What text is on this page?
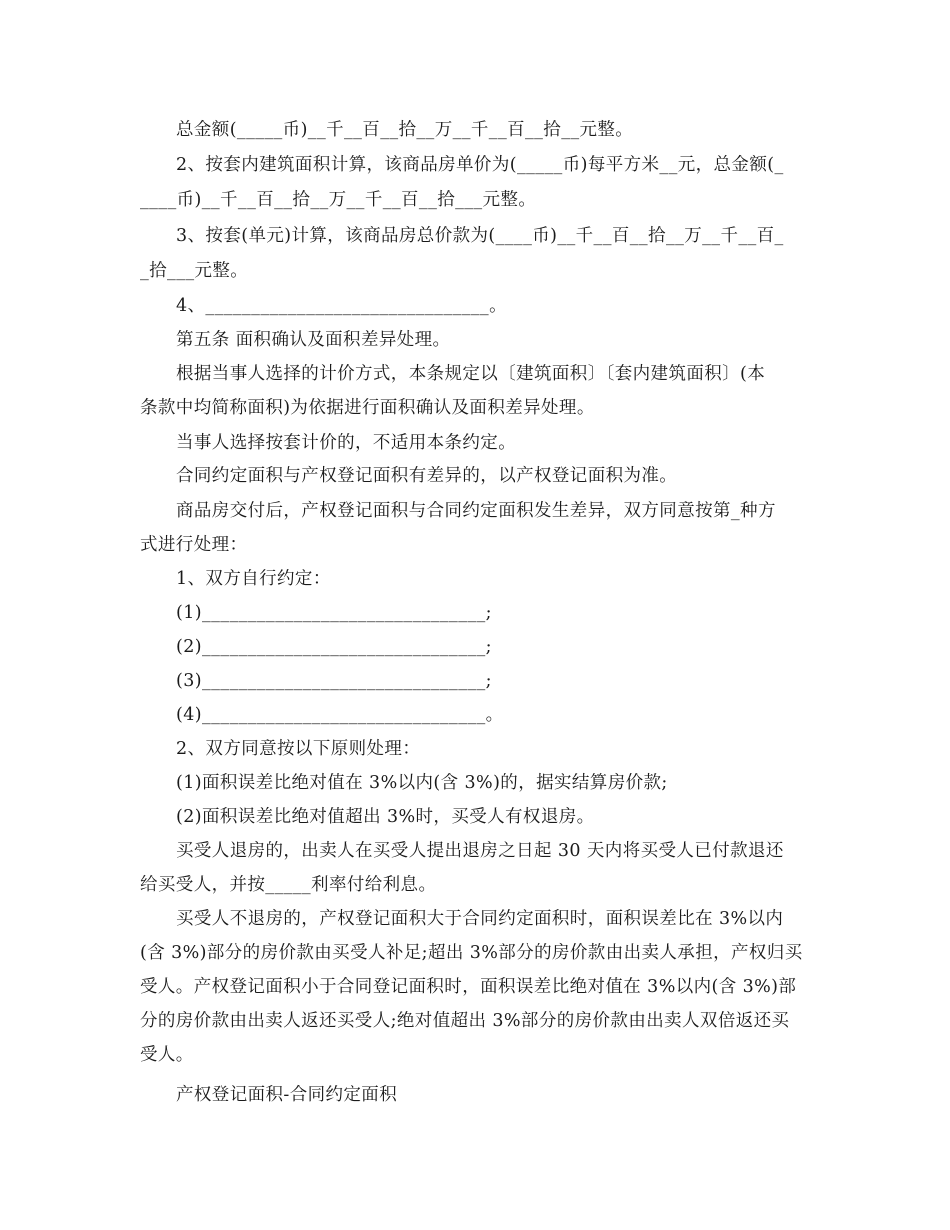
总金额(_____币)__千__百__拾__万__千__百__拾__元整。
2、按套内建筑面积计算，该商品房单价为(_____币)每平方米__元，总金额(_
____币)__千__百__拾__万__千__百__拾___元整。
3、按套(单元)计算，该商品房总价款为(____币)__千__百__拾__万__千__百_
_拾___元整。
4、_______________________________。
第五条 面积确认及面积差异处理。
根据当事人选择的计价方式，本条规定以〔建筑面积〕〔套内建筑面积〕(本
条款中均简称面积)为依据进行面积确认及面积差异处理。
当事人选择按套计价的，不适用本条约定。
合同约定面积与产权登记面积有差异的，以产权登记面积为准。
商品房交付后，产权登记面积与合同约定面积发生差异，双方同意按第_种方
式进行处理：
1、双方自行约定：
(1)_______________________________;
(2)_______________________________;
(3)_______________________________;
(4)_______________________________。
2、双方同意按以下原则处理：
(1)面积误差比绝对值在 3%以内(含 3%)的，据实结算房价款;
(2)面积误差比绝对值超出 3%时，买受人有权退房。
买受人退房的，出卖人在买受人提出退房之日起 30 天内将买受人已付款退还
给买受人，并按_____利率付给利息。
买受人不退房的，产权登记面积大于合同约定面积时，面积误差比在 3%以内
(含 3%)部分的房价款由买受人补足;超出 3%部分的房价款由出卖人承担，产权归买
受人。产权登记面积小于合同登记面积时，面积误差比绝对值在 3%以内(含 3%)部
分的房价款由出卖人返还买受人;绝对值超出 3%部分的房价款由出卖人双倍返还买
受人。
产权登记面积-合同约定面积
